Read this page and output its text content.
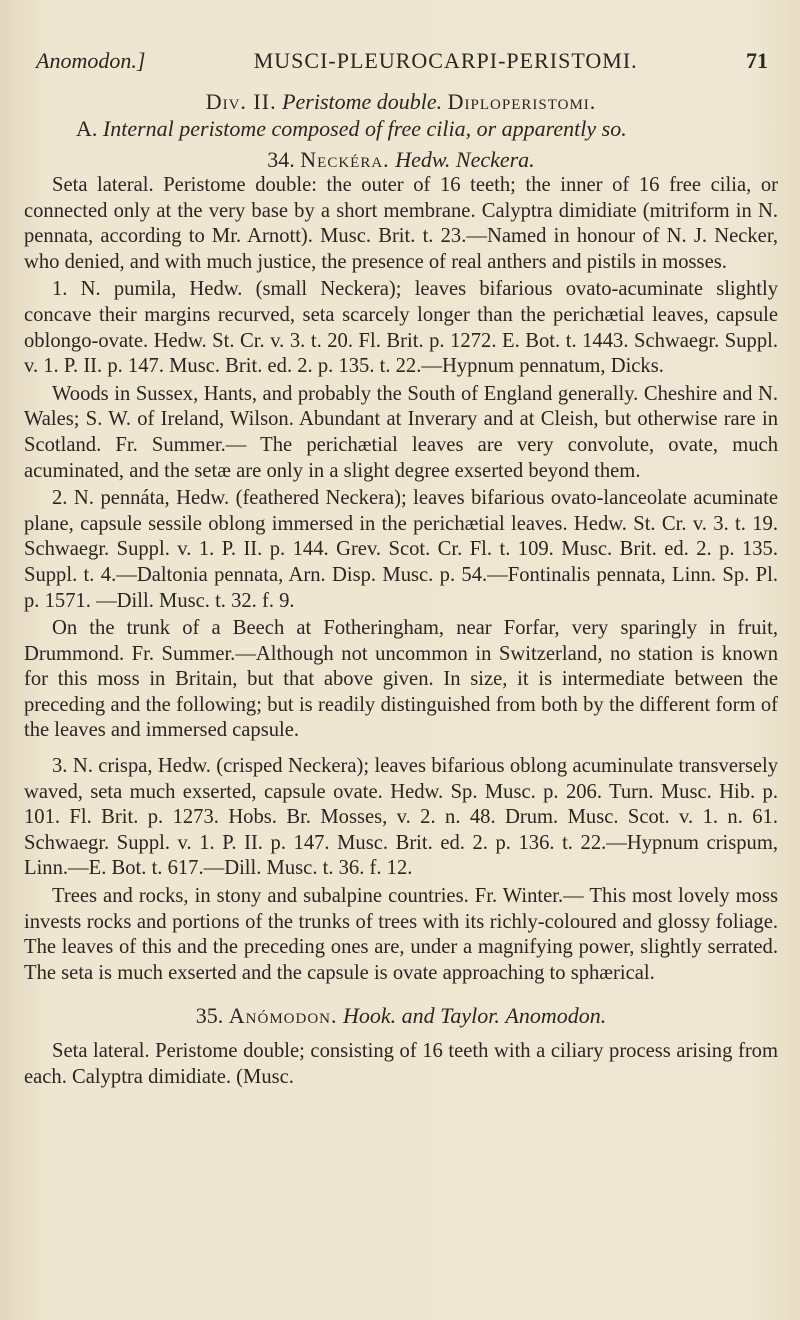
Anomodon.]	MUSCI-PLEUROCARPI-PERISTOMI.	71
Div. II. Peristome double. Diploperistomi.
A. Internal peristome composed of free cilia, or apparently so.
34. Neckéra. Hedw. Neckera.

Seta lateral. Peristome double: the outer of 16 teeth; the inner of 16 free cilia, or connected only at the very base by a short membrane. Calyptra dimidiate (mitriform in N. pennata, according to Mr. Arnott). Musc. Brit. t. 23.—Named in honour of N. J. Necker, who denied, and with much justice, the presence of real anthers and pistils in mosses.

1. N. pumila, Hedw. (small Neckera); leaves bifarious ovato-acuminate slightly concave their margins recurved, seta scarcely longer than the perichætial leaves, capsule oblongo-ovate. Hedw. St. Cr. v. 3. t. 20. Fl. Brit. p. 1272. E. Bot. t. 1443. Schwaegr. Suppl. v. 1. P. II. p. 147. Musc. Brit. ed. 2. p. 135. t. 22.—Hypnum pennatum, Dicks.

Woods in Sussex, Hants, and probably the South of England generally. Cheshire and N. Wales; S. W. of Ireland, Wilson. Abundant at Inverary and at Cleish, but otherwise rare in Scotland. Fr. Summer.— The perichætial leaves are very convolute, ovate, much acuminated, and the setæ are only in a slight degree exserted beyond them.

2. N. pennáta, Hedw. (feathered Neckera); leaves bifarious ovato-lanceolate acuminate plane, capsule sessile oblong immersed in the perichætial leaves. Hedw. St. Cr. v. 3. t. 19. Schwaegr. Suppl. v. 1. P. II. p. 144. Grev. Scot. Cr. Fl. t. 109. Musc. Brit. ed. 2. p. 135. Suppl. t. 4.—Daltonia pennata, Arn. Disp. Musc. p. 54.—Fontinalis pennata, Linn. Sp. Pl. p. 1571. —Dill. Musc. t. 32. f. 9.

On the trunk of a Beech at Fotheringham, near Forfar, very sparingly in fruit, Drummond. Fr. Summer.—Although not uncommon in Switzerland, no station is known for this moss in Britain, but that above given. In size, it is intermediate between the preceding and the following; but is readily distinguished from both by the different form of the leaves and immersed capsule.

3. N. crispa, Hedw. (crisped Neckera); leaves bifarious oblong acuminulate transversely waved, seta much exserted, capsule ovate. Hedw. Sp. Musc. p. 206. Turn. Musc. Hib. p. 101. Fl. Brit. p. 1273. Hobs. Br. Mosses, v. 2. n. 48. Drum. Musc. Scot. v. 1. n. 61. Schwaegr. Suppl. v. 1. P. II. p. 147. Musc. Brit. ed. 2. p. 136. t. 22.—Hypnum crispum, Linn.—E. Bot. t. 617.—Dill. Musc. t. 36. f. 12.

Trees and rocks, in stony and subalpine countries. Fr. Winter.— This most lovely moss invests rocks and portions of the trunks of trees with its richly-coloured and glossy foliage. The leaves of this and the preceding ones are, under a magnifying power, slightly serrated. The seta is much exserted and the capsule is ovate approaching to sphærical.

35. Anómodon. Hook. and Taylor. Anomodon.

Seta lateral. Peristome double; consisting of 16 teeth with a ciliary process arising from each. Calyptra dimidiate. (Musc.
